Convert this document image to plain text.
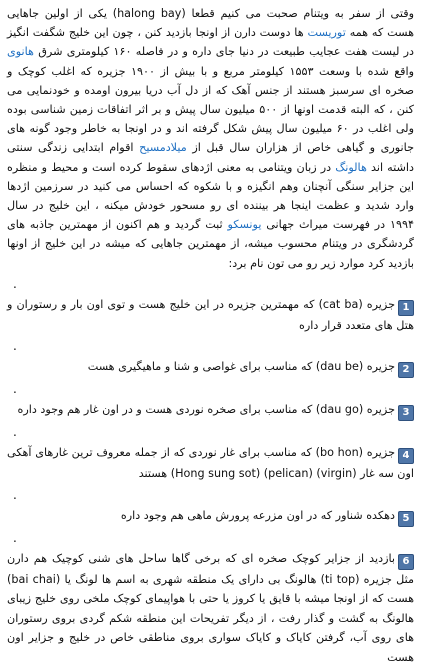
وقتی از سفر به ویتنام صحبت می کنیم قطعا (halong bay) یکی از اولین جاهایی هست که همه توریست ها دوست دارن از اونجا بازدید کنن ، چون این خلیج شگفت انگیز در لیست هفت عجایب طبیعت در دنیا جای داره و در فاصله ۱۶۰ کیلومتری شرق هانوی واقع شده با وسعت ۱۵۵۳ کیلومتر مربع و با بیش از ۱۹۰۰ جزیره که اغلب کوچک و صخره ای سرسبز هستند از جنس آهک که از دل آب دریا بیرون اومده و خودنمایی می کنن ، که البته قدمت اونها از ۵۰۰ میلیون سال پیش و بر اثر اتفاقات زمین شناسی بوده ولی اغلب در ۶۰ میلیون سال پیش شکل گرفته اند و در اونجا به خاطر وجود گونه های جانوری و گیاهی خاص از هزاران سال قبل از میلادمسیح اقوام ابتدایی زندگی سنتی داشته اند هالونگ در زبان ویتنامی به معنی اژدهای سقوط کرده است و محیط و منظره این جزایر سنگی آنچنان وهم انگیزه و با شکوه که احساس می کنید در سرزمین اژدها وارد شدید و عظمت اینجا هر بیننده ای رو مسحور خودش میکنه ، این خلیج در سال ۱۹۹۴ در فهرست میراث جهانی یونسکو ثبت گردید و هم اکنون از مهمترین جاذبه های گردشگری در ویتنام محسوب میشه، از مهمترین جاهایی که میشه در این خلیج از اونها بازدید کرد موارد زیر رو می تون نام برد:

.

1جزیره (cat ba) که مهمترین جزیره در این خلیج هست و توی اون بار و رستوران و هتل های متعدد قرار داره

.

2جزیره (dau be) که مناسب برای غواصی و شنا و ماهیگیری هست

.

3جزیره (dau go) که مناسب برای صخره نوردی هست و در اون غار هم وجود داره

.

4جزیره (bo hon) که مناسب برای غار نوردی که از جمله معروف ترین غارهای آهکی اون سه غار (virgin) (pelican) (Hong sung sot) هستند

.

5دهکده شناور که در اون مزرعه پرورش ماهی هم وجود داره

.

6بازدید از جزایر کوچک صخره ای که برخی گاها ساحل های شنی کوچیک هم دارن مثل جزیره (ti top) هالونگ بی دارای یک منطقه شهری به اسم ها لونگ یا (bai chai) هست که از اونجا میشه با قایق یا کروز یا حتی با هواپیمای کوچک ملخی روی خلیج زیبای هالونگ به گشت و گذار رفت ، از دیگر تفریحات این منطقه شکم گردی بروی رستوران های روی آب، گرفتن کایاک و کایاک سواری بروی مناطقی خاص در خلیج و جزایر اون هست
